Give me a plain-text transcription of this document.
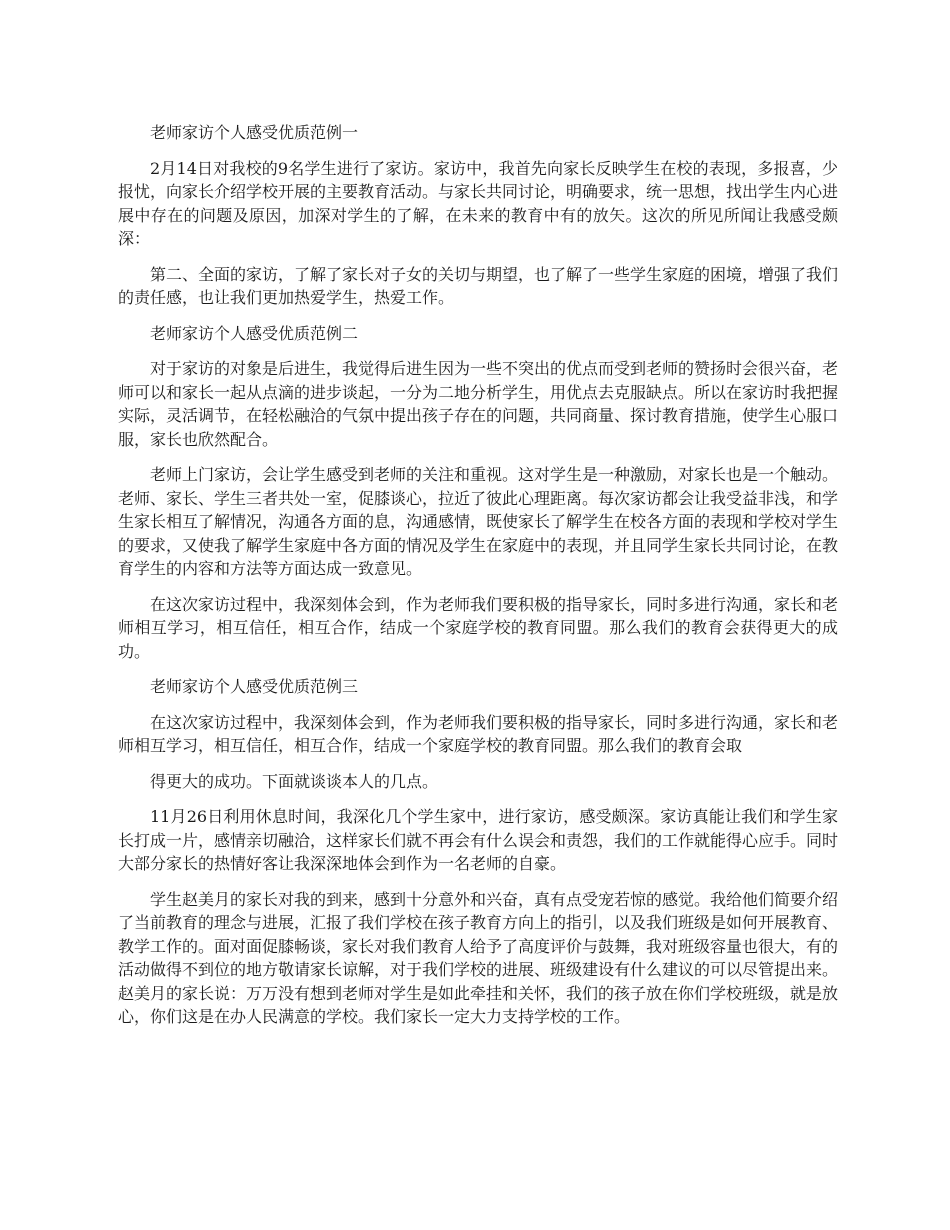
老师家访个人感受优质范例一

2月14日对我校的9名学生进行了家访。家访中，我首先向家长反映学生在校的表现，多报喜，少报忧，向家长介绍学校开展的主要教育活动。与家长共同讨论，明确要求，统一思想，找出学生内心进展中存在的问题及原因，加深对学生的了解，在未来的教育中有的放矢。这次的所见所闻让我感受颇深：

第二、全面的家访，了解了家长对子女的关切与期望，也了解了一些学生家庭的困境，增强了我们的责任感，也让我们更加热爱学生，热爱工作。

老师家访个人感受优质范例二

对于家访的对象是后进生，我觉得后进生因为一些不突出的优点而受到老师的赞扬时会很兴奋，老师可以和家长一起从点滴的进步谈起，一分为二地分析学生，用优点去克服缺点。所以在家访时我把握实际，灵活调节，在轻松融洽的气氛中提出孩子存在的问题，共同商量、探讨教育措施，使学生心服口服，家长也欣然配合。

老师上门家访，会让学生感受到老师的关注和重视。这对学生是一种激励，对家长也是一个触动。老师、家长、学生三者共处一室，促膝谈心，拉近了彼此心理距离。每次家访都会让我受益非浅，和学生家长相互了解情况，沟通各方面的息，沟通感情，既使家长了解学生在校各方面的表现和学校对学生的要求，又使我了解学生家庭中各方面的情况及学生在家庭中的表现，并且同学生家长共同讨论，在教育学生的内容和方法等方面达成一致意见。

在这次家访过程中，我深刻体会到，作为老师我们要积极的指导家长，同时多进行沟通，家长和老师相互学习，相互信任，相互合作，结成一个家庭学校的教育同盟。那么我们的教育会获得更大的成功。

老师家访个人感受优质范例三

在这次家访过程中，我深刻体会到，作为老师我们要积极的指导家长，同时多进行沟通，家长和老师相互学习，相互信任，相互合作，结成一个家庭学校的教育同盟。那么我们的教育会取

得更大的成功。下面就谈谈本人的几点。

11月26日利用休息时间，我深化几个学生家中，进行家访，感受颇深。家访真能让我们和学生家长打成一片，感情亲切融洽，这样家长们就不再会有什么误会和责怨，我们的工作就能得心应手。同时大部分家长的热情好客让我深深地体会到作为一名老师的自豪。

学生赵美月的家长对我的到来，感到十分意外和兴奋，真有点受宠若惊的感觉。我给他们简要介绍了当前教育的理念与进展，汇报了我们学校在孩子教育方向上的指引，以及我们班级是如何开展教育、教学工作的。面对面促膝畅谈，家长对我们教育人给予了高度评价与鼓舞，我对班级容量也很大，有的活动做得不到位的地方敬请家长谅解，对于我们学校的进展、班级建设有什么建议的可以尽管提出来。赵美月的家长说：万万没有想到老师对学生是如此牵挂和关怀，我们的孩子放在你们学校班级，就是放心，你们这是在办人民满意的学校。我们家长一定大力支持学校的工作。
